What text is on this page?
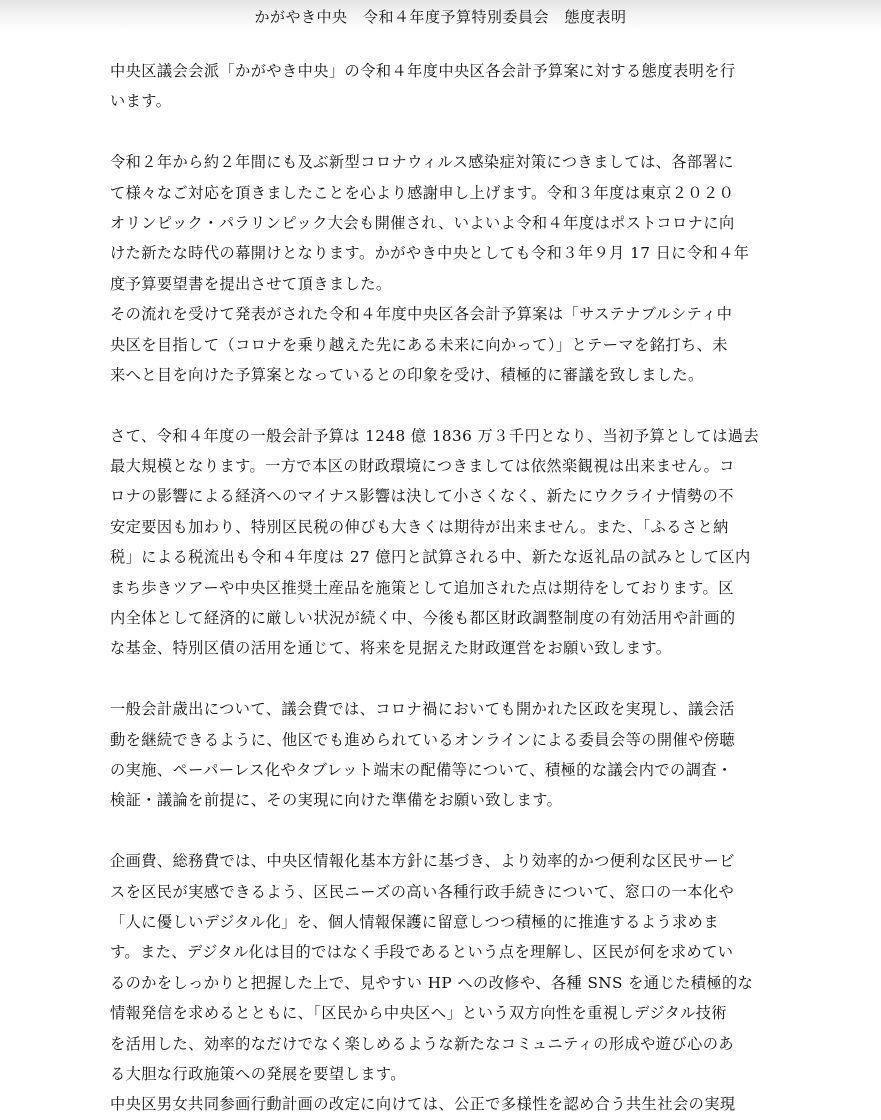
かがやき中央　令和４年度予算特別委員会　態度表明
中央区議会会派「かがやき中央」の令和４年度中央区各会計予算案に対する態度表明を行
います。
令和２年から約２年間にも及ぶ新型コロナウィルス感染症対策につきましては、各部署に
て様々なご対応を頂きましたことを心より感謝申し上げます。令和３年度は東京２０２０
オリンピック・パラリンピック大会も開催され、いよいよ令和４年度はポストコロナに向
けた新たな時代の幕開けとなります。かがやき中央としても令和３年９月 17 日に令和４年
度予算要望書を提出させて頂きました。
その流れを受けて発表がされた令和４年度中央区各会計予算案は「サステナブルシティ中
央区を目指して（コロナを乗り越えた先にある未来に向かって）」とテーマを銘打ち、未
来へと目を向けた予算案となっているとの印象を受け、積極的に審議を致しました。
さて、令和４年度の一般会計予算は 1248 億 1836 万３千円となり、当初予算としては過去
最大規模となります。一方で本区の財政環境につきましては依然楽観視は出来ません。コ
ロナの影響による経済へのマイナス影響は決して小さくなく、新たにウクライナ情勢の不
安定要因も加わり、特別区民税の伸びも大きくは期待が出来ません。また、「ふるさと納
税」による税流出も令和４年度は 27 億円と試算される中、新たな返礼品の試みとして区内
まち歩きツアーや中央区推奨土産品を施策として追加された点は期待をしております。区
内全体として経済的に厳しい状況が続く中、今後も都区財政調整制度の有効活用や計画的
な基金、特別区債の活用を通じて、将来を見据えた財政運営をお願い致します。
一般会計歳出について、議会費では、コロナ禍においても開かれた区政を実現し、議会活
動を継続できるように、他区でも進められているオンラインによる委員会等の開催や傍聴
の実施、ペーパーレス化やタブレット端末の配備等について、積極的な議会内での調査・
検証・議論を前提に、その実現に向けた準備をお願い致します。
企画費、総務費では、中央区情報化基本方針に基づき、より効率的かつ便利な区民サービ
スを区民が実感できるよう、区民ニーズの高い各種行政手続きについて、窓口の一本化や
「人に優しいデジタル化」を、個人情報保護に留意しつつ積極的に推進するよう求めま
す。また、デジタル化は目的ではなく手段であるという点を理解し、区民が何を求めてい
るのかをしっかりと把握した上で、見やすい HP への改修や、各種 SNS を通じた積極的な
情報発信を求めるとともに、「区民から中央区へ」という双方向性を重視しデジタル技術
を活用した、効率的なだけでなく楽しめるような新たなコミュニティの形成や遊び心のあ
る大胆な行政施策への発展を要望します。
中央区男女共同参画行動計画の改定に向けては、公正で多様性を認め合う共生社会の実現
